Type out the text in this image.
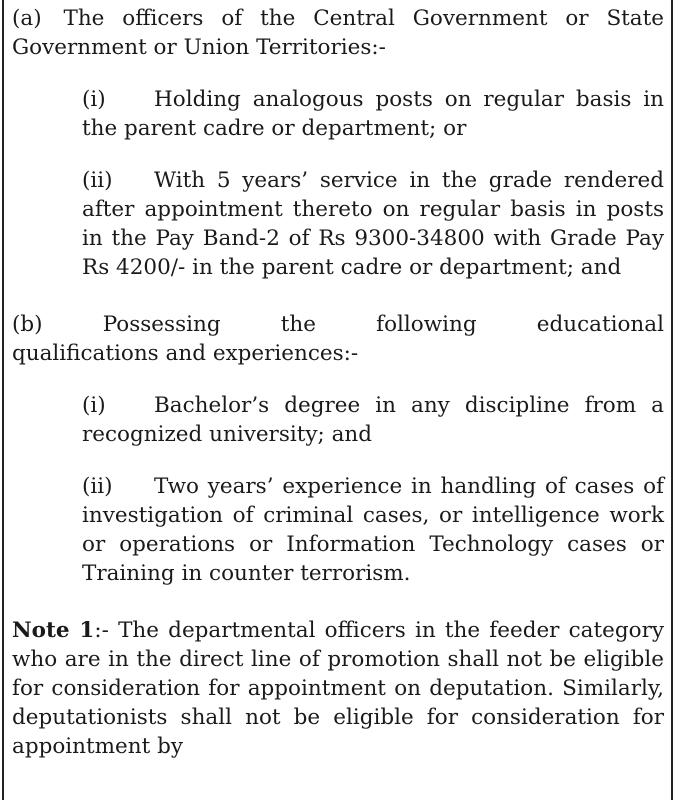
(a) The officers of the Central Government or State Government or Union Territories:-

(i) Holding analogous posts on regular basis in the parent cadre or department; or

(ii) With 5 years’ service in the grade rendered after appointment thereto on regular basis in posts in the Pay Band-2 of Rs 9300-34800 with Grade Pay Rs 4200/- in the parent cadre or department; and

(b)	Possessing	the	following	educational

qualifications and experiences:-

(i) Bachelor’s degree in any discipline from a recognized university; and

(ii) Two years’ experience in handling of cases of investigation of criminal cases, or intelligence work or operations or Information Technology cases or Training in counter terrorism.

Note 1:- The departmental officers in the feeder category who are in the direct line of promotion shall not be eligible for consideration for appointment on deputation. Similarly, deputationists shall not be eligible for consideration for appointment by
